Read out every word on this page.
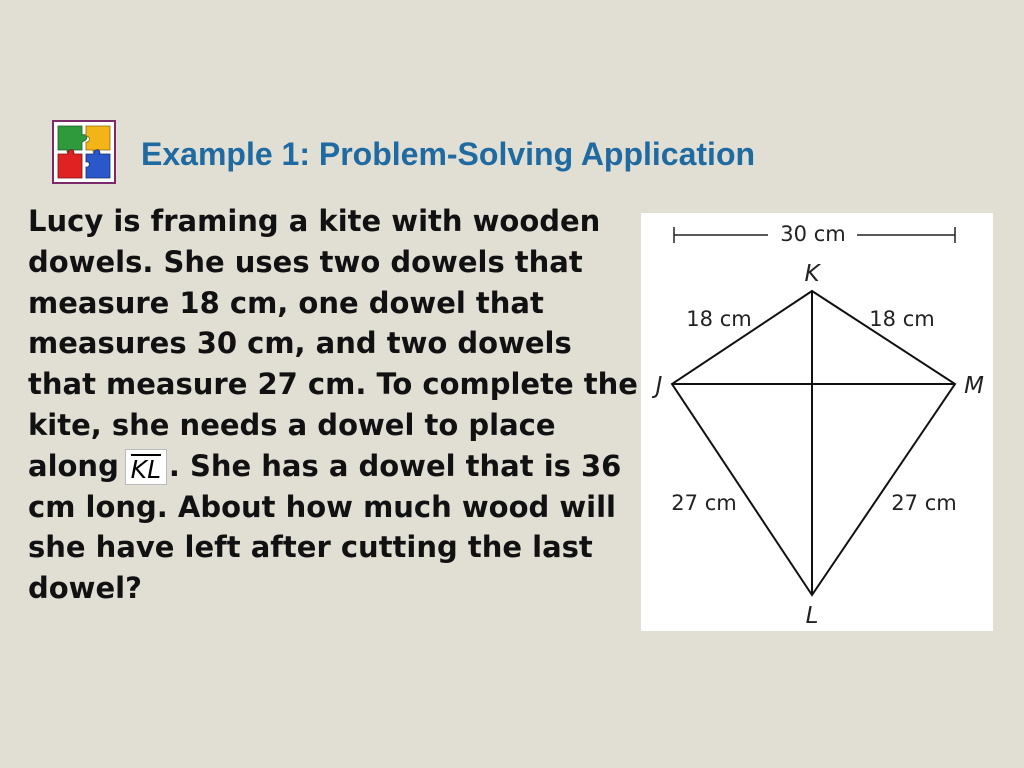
Example 1: Problem-Solving Application

Lucy is framing a kite with wooden dowels. She uses two dowels that measure 18 cm, one dowel that measures 30 cm, and two dowels that measure 27 cm. To complete the kite, she needs a dowel to place along KL . She has a dowel that is 36 cm long. About how much wood will she have left after cutting the last dowel?

30 cm
K
J	M
L
18 cm	18 cm
27 cm	27 cm
